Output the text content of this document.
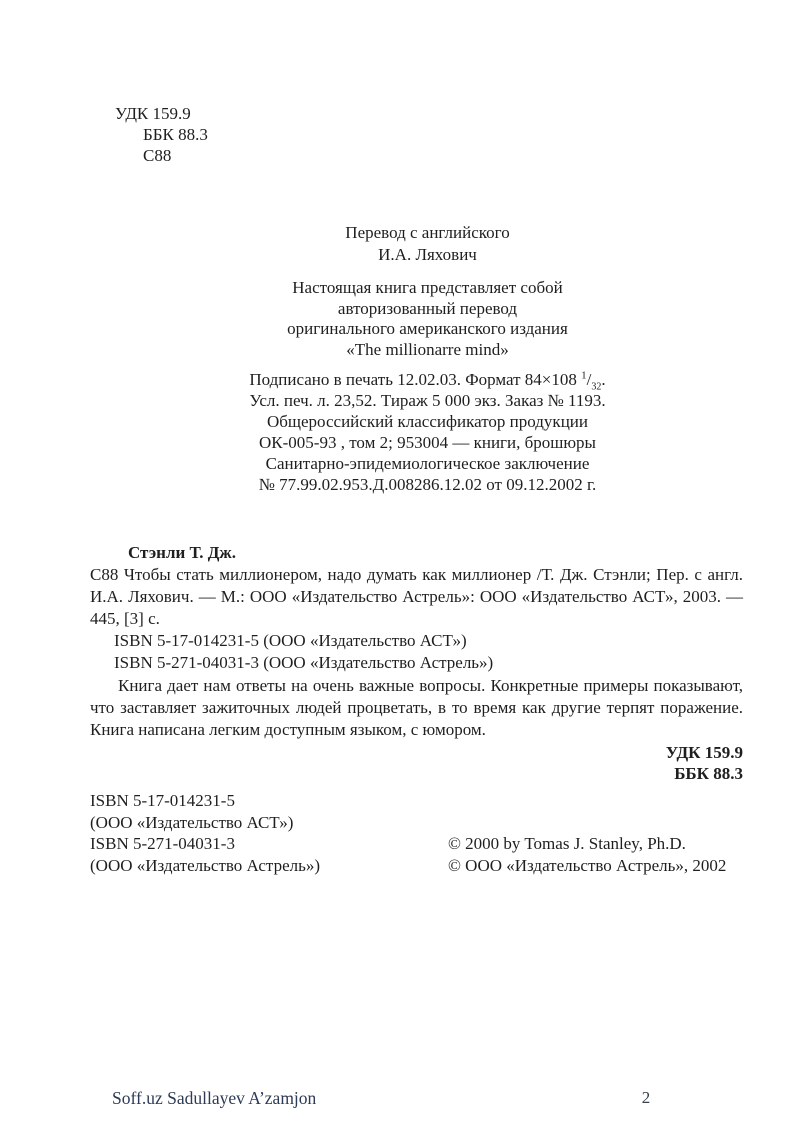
УДК 159.9
ББК 88.3
С88
Перевод с английского
И.А. Ляхович
Настоящая книга представляет собой
авторизованный перевод
оригинального американского издания
«The millionarre mind»
Подписано в печать 12.02.03. Формат 84×108 $^1/_{32}$.
Усл. печ. л. 23,52. Тираж 5 000 экз. Заказ № 1193.
Общероссийский классификатор продукции
ОК-005-93 , том 2; 953004 — книги, брошюры
Санитарно-эпидемиологическое заключение
№ 77.99.02.953.Д.008286.12.02 от 09.12.2002 г.
Стэнли Т. Дж.
С88 Чтобы стать миллионером, надо думать как миллионер /Т. Дж. Стэнли; Пер. с англ. И.А. Ляхович. — М.: ООО «Издательство Астрель»: ООО «Издательство АСТ», 2003. — 445, [3] с.
ISBN 5-17-014231-5 (ООО «Издательство АСТ»)
ISBN 5-271-04031-3 (ООО «Издательство Астрель»)
Книга дает нам ответы на очень важные вопросы. Конкретные примеры показывают, что заставляет зажиточных людей процветать, в то время как другие терпят поражение. Книга написана легким доступным языком, с юмором.
УДК 159.9
ББК 88.3
ISBN 5-17-014231-5
(ООО «Издательство АСТ»)
ISBN 5-271-04031-3
(ООО «Издательство Астрель»)
© 2000 by Tomas J. Stanley, Ph.D.
© ООО «Издательство Астрель», 2002
Soff.uz Sadullayev A’zamjon	2
